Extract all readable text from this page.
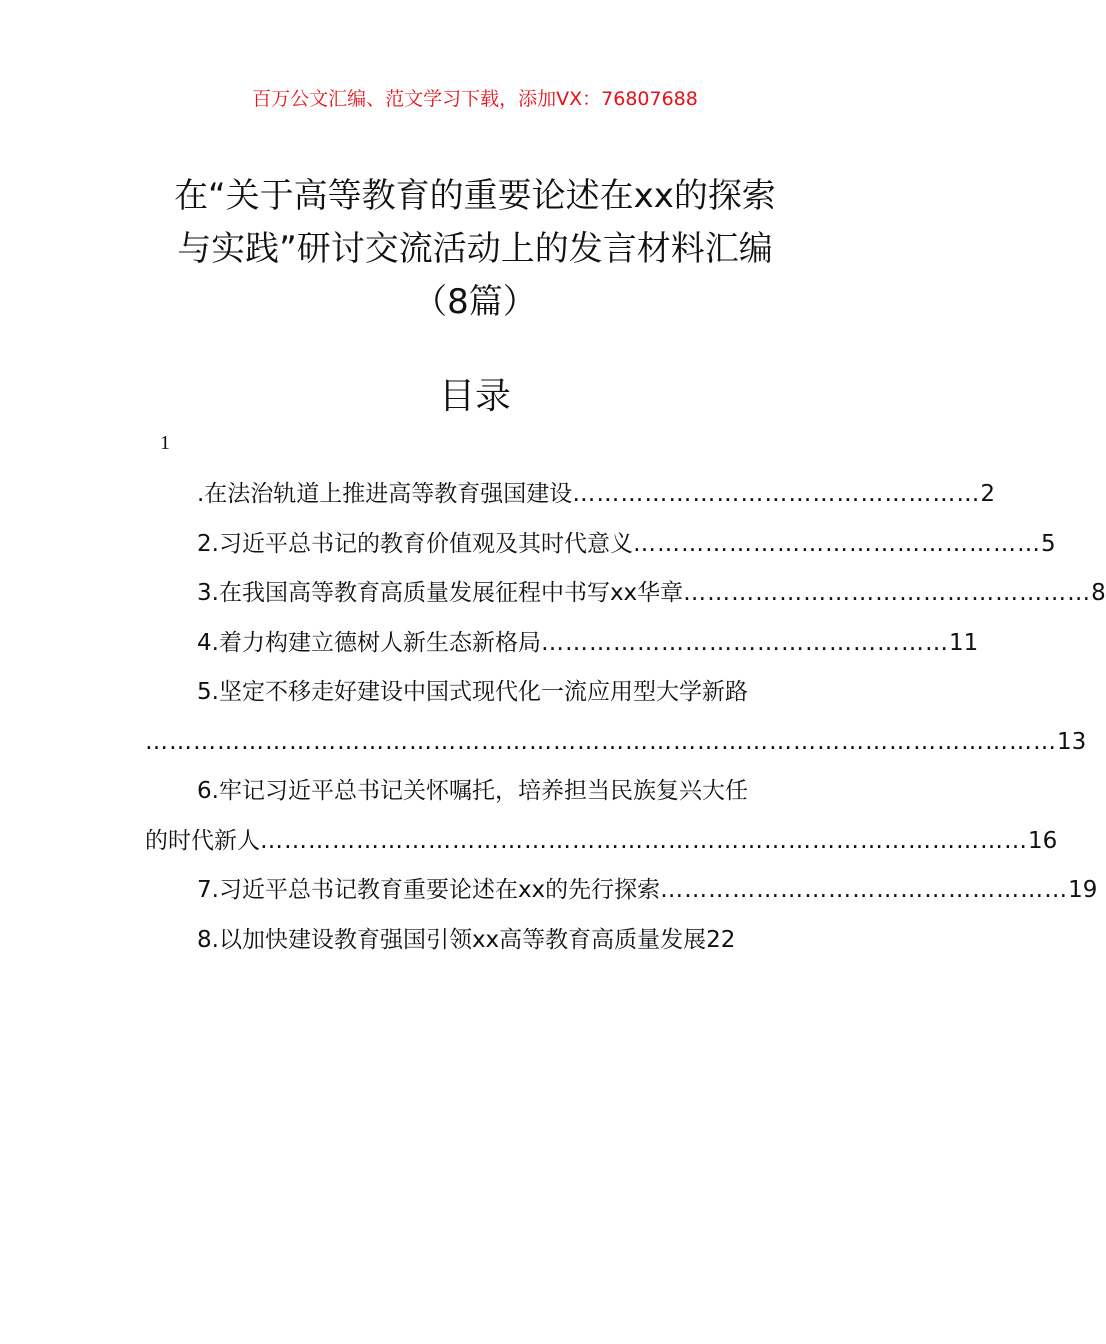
百万公文汇编、范文学习下载，添加VX：76807688
在“关于高等教育的重要论述在xx的探索
与实践”研讨交流活动上的发言材料汇编
（8篇）
目录
1
.在法治轨道上推进高等教育强国建设 …………………………………………… 2
2.习近平总书记的教育价值观及其时代意义 …………………………………………… 5
3.在我国高等教育高质量发展征程中书写xx华章 …………………………………………… 8
4.着力构建立德树人新生态新格局 …………………………………………… 11
5.坚定不移走好建设中国式现代化一流应用型大学新路
…………………………………………………………………………………………………… 13
6.牢记习近平总书记关怀嘱托，培养担当民族复兴大任
的时代新人 …………………………………………………………………………………… 16
7.习近平总书记教育重要论述在xx的先行探索 …………………………………………… 19
8.以加快建设教育强国引领xx高等教育高质量发展 22
